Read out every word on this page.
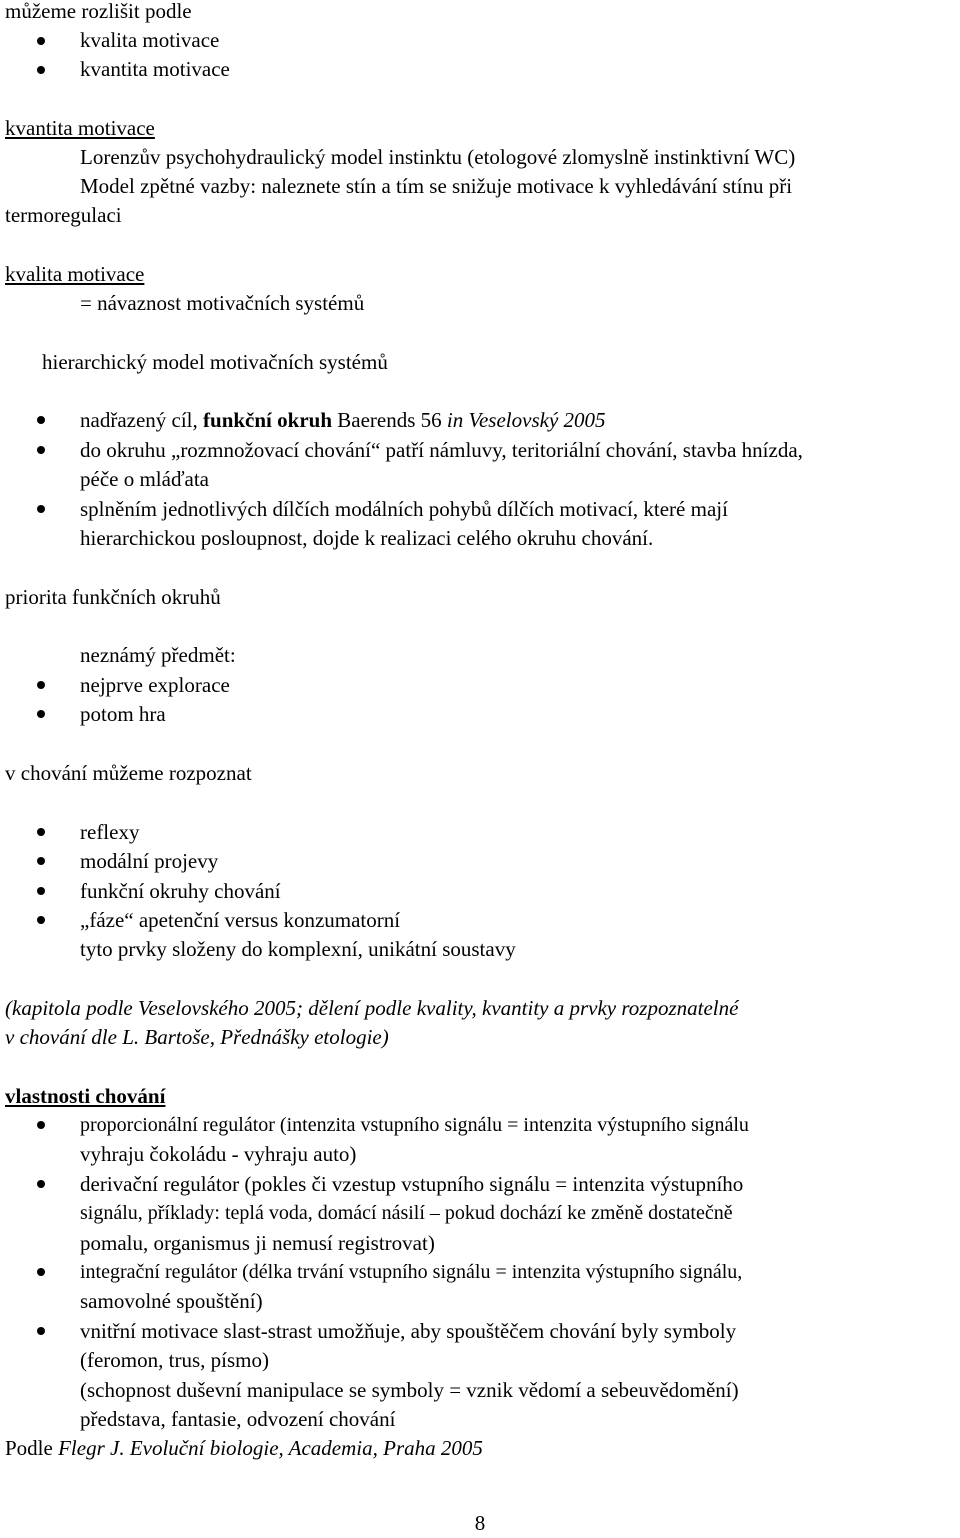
můžeme rozlišit podle

kvalita motivace

kvantita motivace

kvantita motivace

Lorenzův psychohydraulický model instinktu (etologové zlomyslně instinktivní WC)

Model zpětné vazby: naleznete stín a tím se snižuje motivace k vyhledávání stínu při

termoregulaci

kvalita motivace

= návaznost motivačních systémů

hierarchický model motivačních systémů

nadřazený cíl, funkční okruh Baerends 56 in Veselovský 2005

do okruhu „rozmnožovací chování“ patří námluvy, teritoriální chování, stavba hnízda,

péče o mláďata

splněním jednotlivých dílčích modálních pohybů dílčích motivací, které mají

hierarchickou posloupnost, dojde k realizaci celého okruhu chování.

priorita funkčních okruhů

neznámý předmět:

nejprve explorace

potom hra

v chování můžeme rozpoznat

reflexy

modální projevy

funkční okruhy chování

„fáze“ apetenční versus konzumatorní

tyto prvky složeny do komplexní, unikátní soustavy

(kapitola podle Veselovského 2005; dělení podle kvality, kvantity a prvky rozpoznatelné

v chování dle L. Bartoše, Přednášky etologie)

vlastnosti chování

proporcionální regulátor (intenzita vstupního signálu = intenzita výstupního signálu

vyhraju čokoládu - vyhraju auto)

derivační regulátor (pokles či vzestup vstupního signálu = intenzita výstupního

signálu, příklady: teplá voda, domácí násilí – pokud dochází ke změně dostatečně

pomalu, organismus ji nemusí registrovat)

integrační regulátor (délka trvání vstupního signálu = intenzita výstupního signálu,

samovolné spouštění)

vnitřní motivace slast-strast umožňuje, aby spouštěčem chování byly symboly

(feromon, trus, písmo)

(schopnost duševní manipulace se symboly = vznik vědomí a sebeuvědomění)

představa, fantasie, odvození chování

Podle Flegr J. Evoluční biologie, Academia, Praha 2005

8
